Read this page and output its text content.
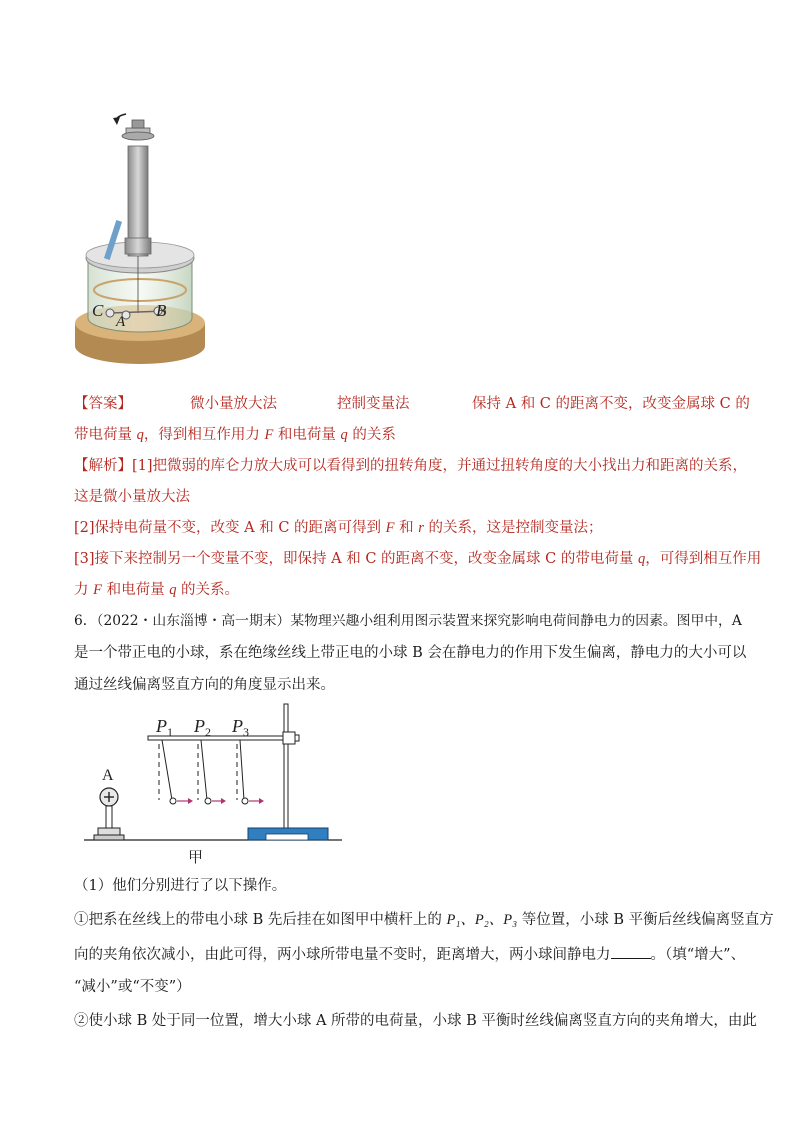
C
A
B
【答案】	微小量放大法	控制变量法	保持 A 和 C 的距离不变，改变金属球 C 的
带电荷量 q，得到相互作用力 F 和电荷量 q 的关系
【解析】[1]把微弱的库仑力放大成可以看得到的扭转角度，并通过扭转角度的大小找出力和距离的关系，
这是微小量放大法
[2]保持电荷量不变，改变 A 和 C 的距离可得到 F 和 r 的关系，这是控制变量法；
[3]接下来控制另一个变量不变，即保持 A 和 C 的距离不变，改变金属球 C 的带电荷量 q，可得到相互作用
力 F 和电荷量 q 的关系。
6．（2022・山东淄博・高一期末）某物理兴趣小组利用图示装置来探究影响电荷间静电力的因素。图甲中，A
是一个带正电的小球，系在绝缘丝线上带正电的小球 B 会在静电力的作用下发生偏离，静电力的大小可以
通过丝线偏离竖直方向的角度显示出来。
$P_1$ $P_2$ $P_3$
A
甲
（1）他们分别进行了以下操作。
①把系在丝线上的带电小球 B 先后挂在如图甲中横杆上的 P₁、P₂、P₃ 等位置，小球 B 平衡后丝线偏离竖直方
向的夹角依次减小，由此可得，两小球所带电量不变时，距离增大，两小球间静电力	。（填“增大”、
“减小”或“不变”）
②使小球 B 处于同一位置，增大小球 A 所带的电荷量，小球 B 平衡时丝线偏离竖直方向的夹角增大，由此
